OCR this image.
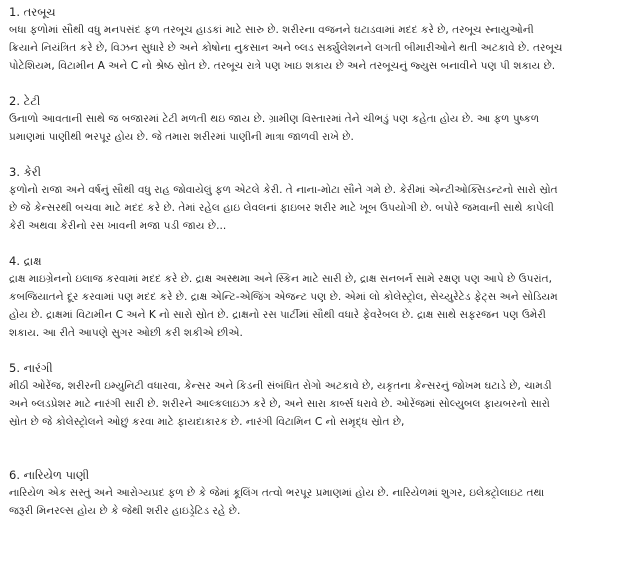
1. તરબૂચ
બધા ફળોમાં સૌથી વધુ મનપસંદ ફળ તરબૂચ હાડકાં માટે સારુ છે. શરીરના વજનને ઘટાડવામાં મદદ કરે છે, તરબૂચ સ્નાયુઓની
ક્રિયાને નિયંત્રિત કરે છે, વિઝન સુધારે છે અને કોષોના નુકસાન અને બ્લડ સર્ક્યુલેશનને લગતી બીમારીઓને થતી અટકાવે છે. તરબૂચ
પોટેશિયમ, વિટામીન A અને C નો શ્રેષ્ઠ સ્રોત છે. તરબૂચ રાત્રે પણ ખાઇ શકાય છે અને તરબૂચનું જ્યુસ બનાવીને પણ પી શકાય છે.
2. ટેટી
ઉનાળો આવતાની સાથે જ બજારમાં ટેટી મળતી થઇ જાય છે. ગ્રામીણ વિસ્તારમાં તેને ચીભડું પણ કહેતા હોય છે. આ ફળ પુષ્કળ
પ્રમાણમાં પાણીથી ભરપૂર હોય છે. જે તમારા શરીરમાં પાણીની માત્રા જાળવી રાખે છે.
3. કેરી
ફળોનો રાજા અને વર્ષનું સૌથી વધુ રાહ જોવાયેલું ફળ એટલે કેરી. તે નાના-મોટા સૌને ગમે છે. કેરીમાં એન્ટીઓક્સિડન્ટનો સારો સ્રોત
છે જે કેન્સરથી બચવા માટે મદદ કરે છે. તેમાં રહેલ હાઇ લેવલનાં ફાઇબર શરીર માટે ખૂબ ઉપયોગી છે. બપોરે જમવાની સાથે કાપેલી
કેરી અથવા કેરીનો રસ ખાવની મજા પડી જાય છે...
4. દ્રાક્ષ
દ્રાક્ષ માઇગ્રેનનો ઇલાજ કરવામાં મદદ કરે છે. દ્રાક્ષ અસ્થમા અને સ્કિન માટે સારી છે, દ્રાક્ષ સનબર્ન સામે રક્ષણ પણ આપે છે ઉપરાંત,
કબજિયાતને દૂર કરવામાં પણ મદદ કરે છે. દ્રાક્ષ એન્ટિ-એજિંગ એજન્ટ પણ છે. એમાં લો કોલેસ્ટ્રોલ, સેચ્યુરેટેડ ફેટ્સ અને સોડિયમ
હોય છે. દ્રાક્ષમાં વિટામીન C અને K નો સારો સ્રોત છે. દ્રાક્ષનો રસ પાર્ટીમાં સૌથી વધારે ફેવરેબલ છે. દ્રાક્ષ સાથે સફરજન પણ ઉમેરી
શકાય. આ રીતે આપણે સુગર ઓછી કરી શકીએ છીએ.
5. નારંગી
મીઠી ઓરેંજ, શરીરની ઇમ્યુનિટી વધારવા, કેન્સર અને કિડની સંબંધિત રોગો અટકાવે છે, યકૃતના કેન્સરનું જોખમ ઘટાડે છે, ચામડી
અને બ્લડપ્રેશર માટે નારંગી સારી છે. શરીરને આલ્કલાઇઝ કરે છે, અને સારા કાર્બ્સ ધરાવે છે. ઓરેંજમાં સોલ્યુબલ ફાયબરનો સારો
સ્રોત છે જે કોલેસ્ટ્રોલને ઓછું કરવા માટે ફાયદાકારક છે. નારંગી વિટામિન C નો સમૃદ્ધ સ્રોત છે,
6. નારિયેળ પાણી
નારિયેળ એક સસ્તું અને આરોગ્યપ્રદ ફળ છે કે જેમાં કૂલિંગ તત્વો ભરપૂર પ્રમાણમાં હોય છે. નારિયેળમાં શુગર, ઇલેક્ટ્રોલાઇટ તથા
જરૂરી મિનરલ્સ હોય છે કે જેથી શરીર હાઇડ્રેટિડ રહે છે.
